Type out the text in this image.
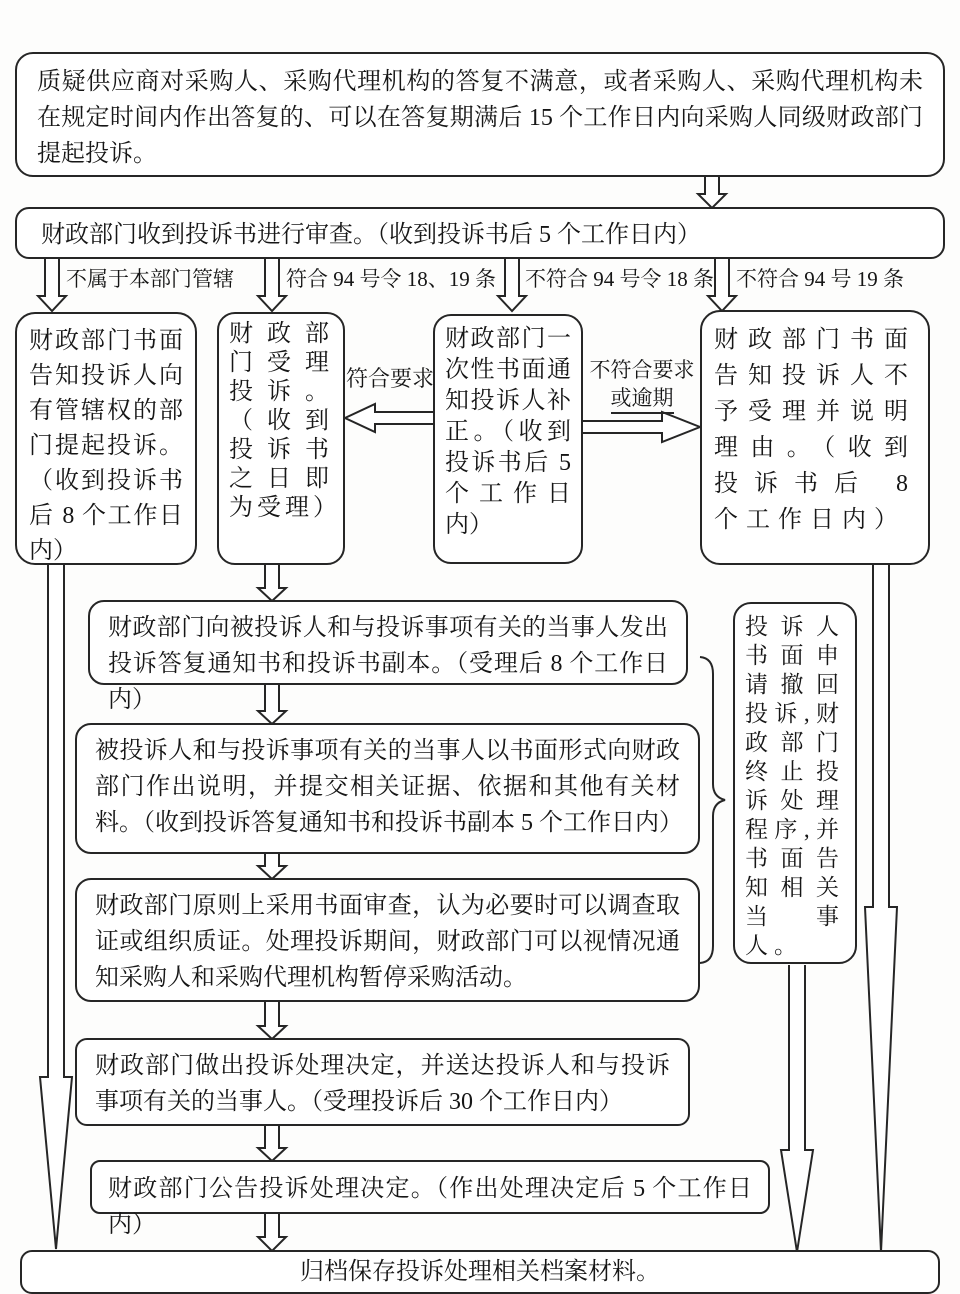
质疑供应商对采购人、采购代理机构的答复不满意，或者采购人、采购代理机构未在规定时间内作出答复的、可以在答复期满后 15 个工作日内向采购人同级财政部门提起投诉。
财政部门收到投诉书进行审查。（收到投诉书后 5 个工作日内）
财政部门书面告知投诉人向有管辖权的部门提起投诉。（收到投诉书后 8 个工作日内）
财政部门受理投诉。（收到投诉书之日即为受理）
财政部门一次性书面通知投诉人补正。（收到投诉书后 5 个工作日内）
财政部门书面告知投诉人不予受理并说明理由。（收到投诉书后 8 个工作日内）
投诉人书面申请撤回投诉,财政部门终止投诉处理程序,并书面告知相关当事人。
财政部门向被投诉人和与投诉事项有关的当事人发出投诉答复通知书和投诉书副本。（受理后 8 个工作日内）
被投诉人和与投诉事项有关的当事人以书面形式向财政部门作出说明，并提交相关证据、依据和其他有关材料。（收到投诉答复通知书和投诉书副本 5 个工作日内）
财政部门原则上采用书面审查，认为必要时可以调查取证或组织质证。处理投诉期间，财政部门可以视情况通知采购人和采购代理机构暂停采购活动。
财政部门做出投诉处理决定，并送达投诉人和与投诉事项有关的当事人。（受理投诉后 30 个工作日内）
财政部门公告投诉处理决定。（作出处理决定后 5 个工作日内）
归档保存投诉处理相关档案材料。
不属于本部门管辖 符合 94 号令 18、19 条 不符合 94 号令 18 条 不符合 94 号 19 条
符合要求	不符合要求
或逾期
